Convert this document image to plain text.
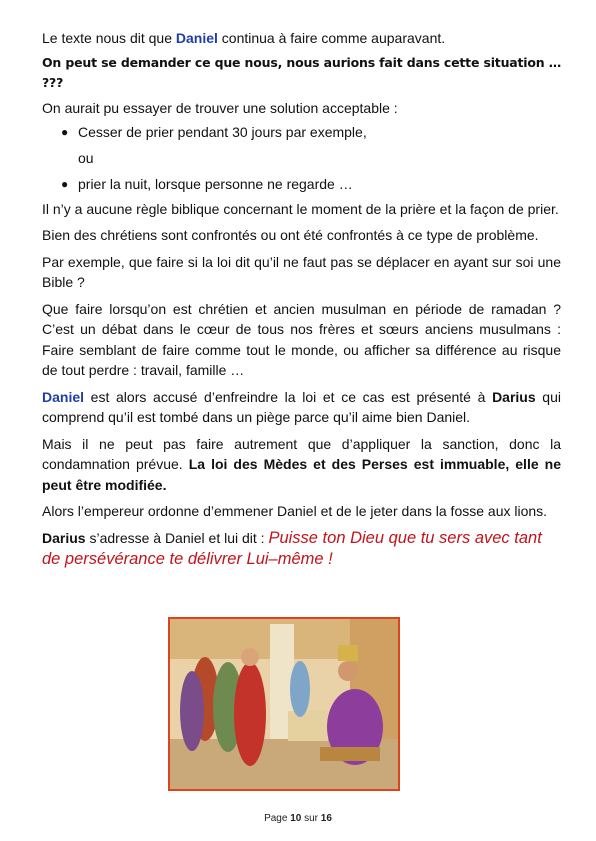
Le texte nous dit que Daniel continua à faire comme auparavant.

On peut se demander ce que nous, nous aurions fait dans cette situation … ???

On aurait pu essayer de trouver une solution acceptable :

● Cesser de prier pendant 30 jours par exemple,
ou
● prier la nuit, lorsque personne ne regarde …

Il n’y a aucune règle biblique concernant le moment de la prière et la façon de prier.

Bien des chrétiens sont confrontés ou ont été confrontés à ce type de problème.

Par exemple, que faire si la loi dit qu’il ne faut pas se déplacer en ayant sur soi une Bible ?

Que faire lorsqu’on est chrétien et ancien musulman en période de ramadan ? C’est un débat dans le cœur de tous nos frères et sœurs anciens musulmans : Faire semblant de faire comme tout le monde, ou afficher sa différence au risque de tout perdre : travail, famille …

Daniel est alors accusé d’enfreindre la loi et ce cas est présenté à Darius qui comprend qu’il est tombé dans un piège parce qu’il aime bien Daniel.

Mais il ne peut pas faire autrement que d’appliquer la sanction, donc la condamnation prévue. La loi des Mèdes et des Perses est immuable, elle ne peut être modifiée.

Alors l’empereur ordonne d’emmener Daniel et de le jeter dans la fosse aux lions.

Darius s’adresse à Daniel et lui dit : Puisse ton Dieu que tu sers avec tant de persévérance te délivrer Lui–même !

Page 10 sur 16
